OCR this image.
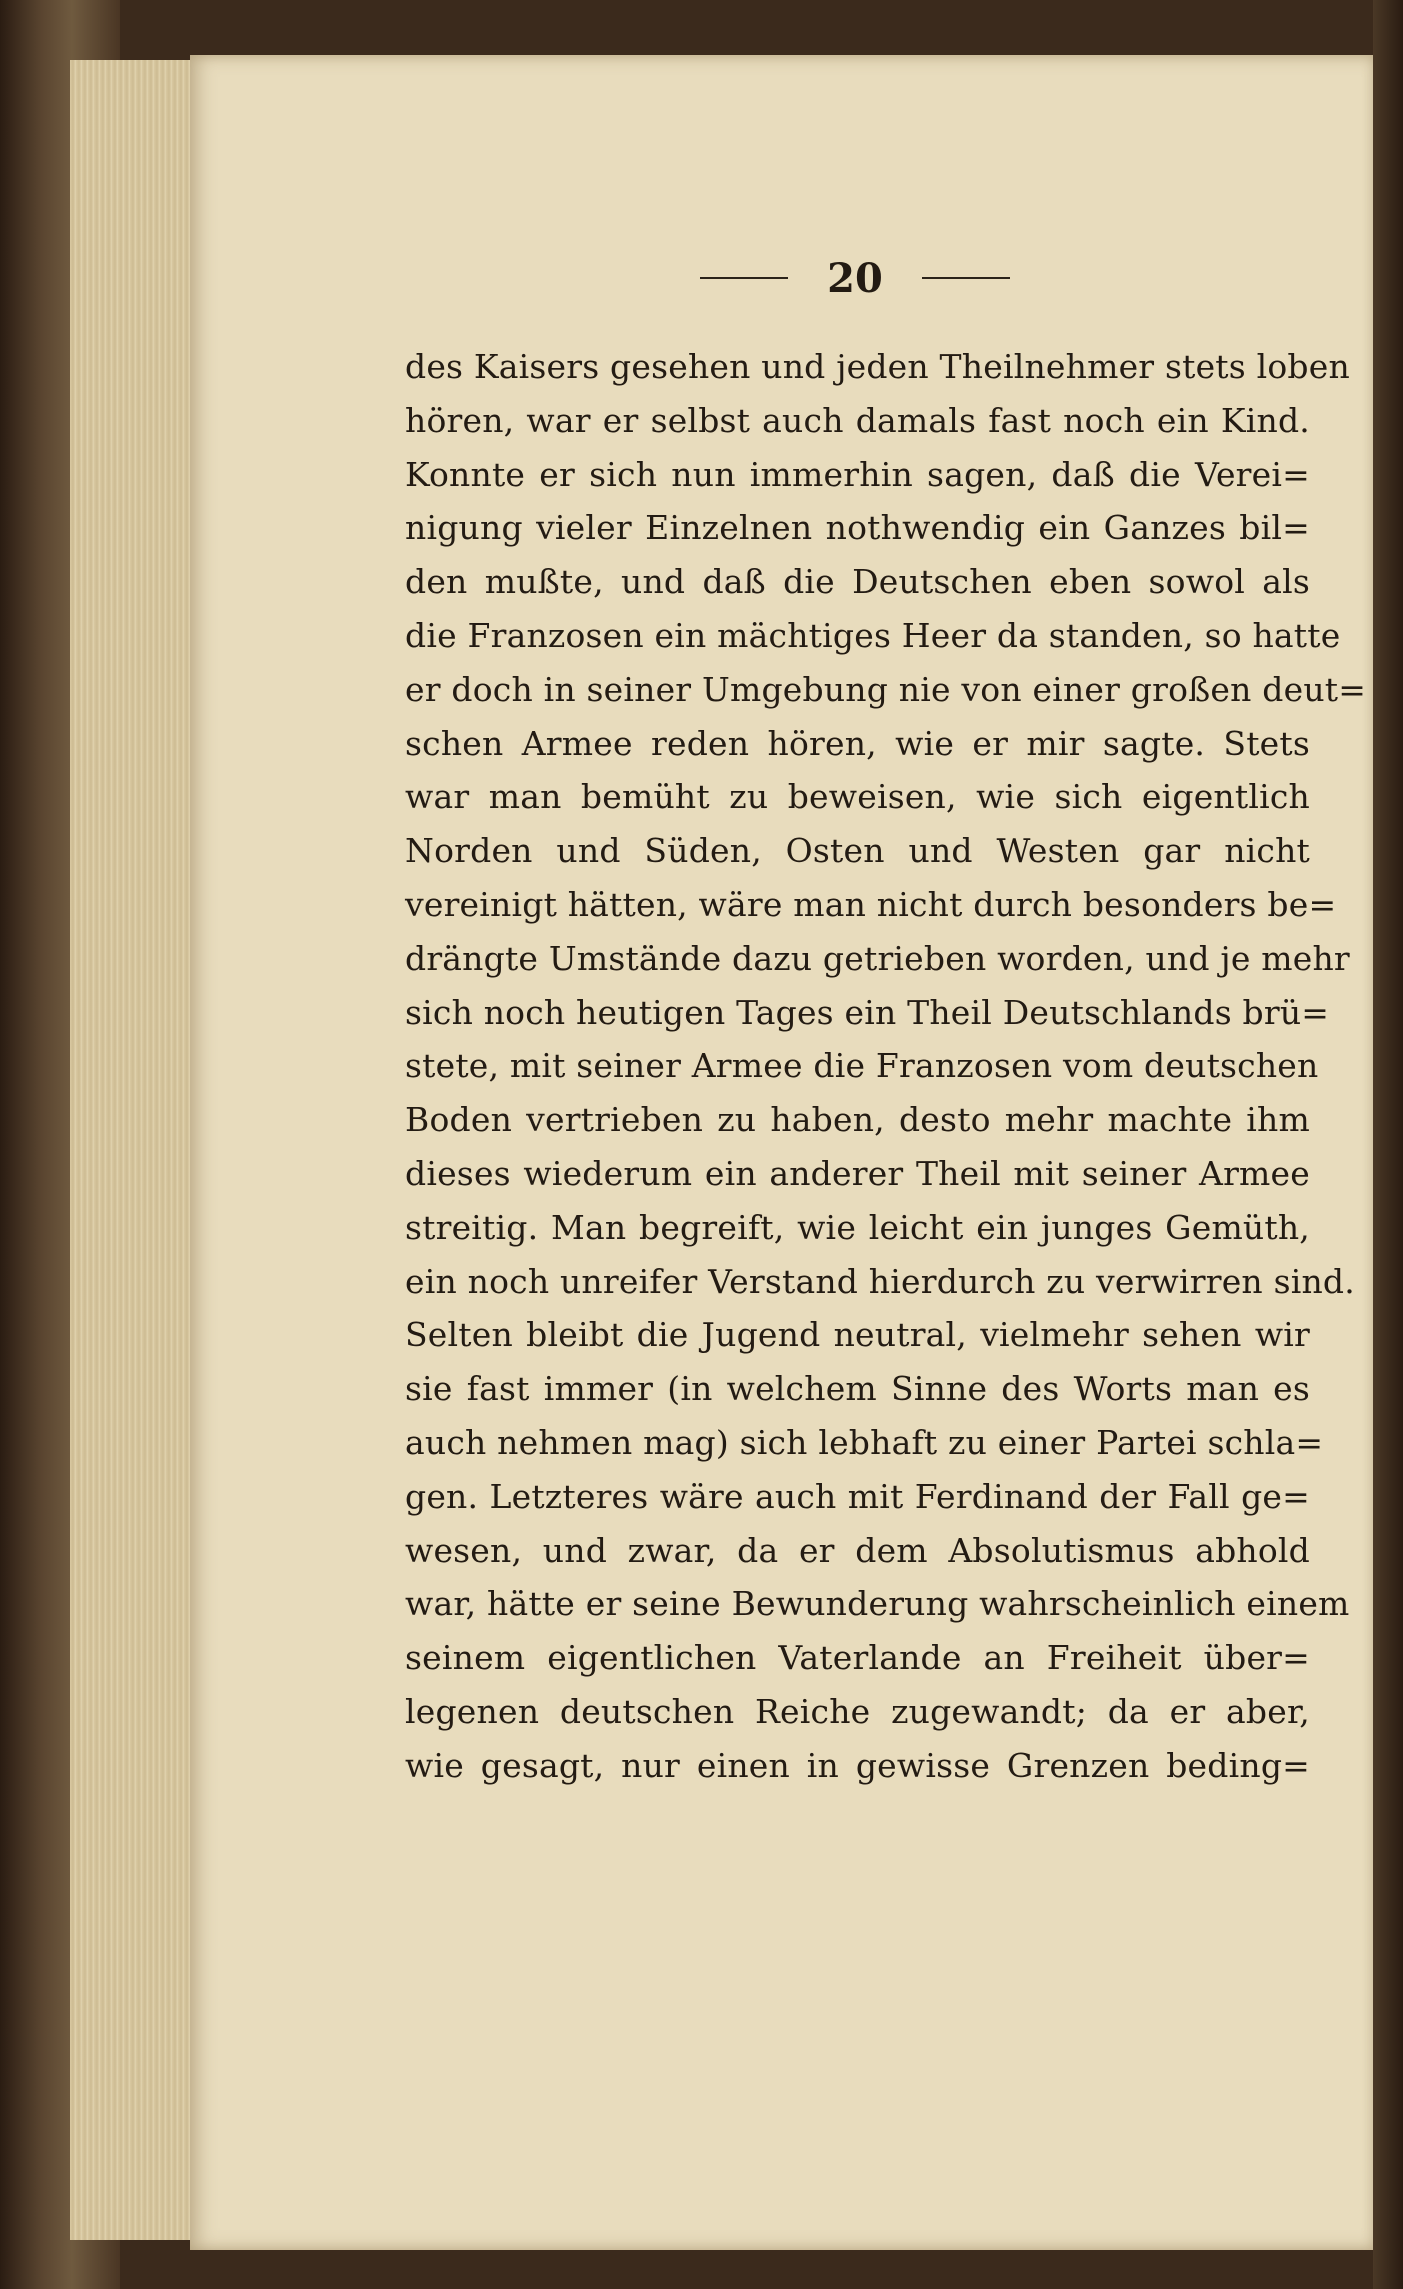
20
des Kaisers gesehen und jeden Theilnehmer stets loben
hören, war er selbst auch damals fast noch ein Kind.
Konnte er sich nun immerhin sagen, daß die Verei=
nigung vieler Einzelnen nothwendig ein Ganzes bil=
den mußte, und daß die Deutschen eben sowol als
die Franzosen ein mächtiges Heer da standen, so hatte
er doch in seiner Umgebung nie von einer großen deut=
schen Armee reden hören, wie er mir sagte. Stets
war man bemüht zu beweisen, wie sich eigentlich
Norden und Süden, Osten und Westen gar nicht
vereinigt hätten, wäre man nicht durch besonders be=
drängte Umstände dazu getrieben worden, und je mehr
sich noch heutigen Tages ein Theil Deutschlands brü=
stete, mit seiner Armee die Franzosen vom deutschen
Boden vertrieben zu haben, desto mehr machte ihm
dieses wiederum ein anderer Theil mit seiner Armee
streitig. Man begreift, wie leicht ein junges Gemüth,
ein noch unreifer Verstand hierdurch zu verwirren sind.
Selten bleibt die Jugend neutral, vielmehr sehen wir
sie fast immer (in welchem Sinne des Worts man es
auch nehmen mag) sich lebhaft zu einer Partei schla=
gen. Letzteres wäre auch mit Ferdinand der Fall ge=
wesen, und zwar, da er dem Absolutismus abhold
war, hätte er seine Bewunderung wahrscheinlich einem
seinem eigentlichen Vaterlande an Freiheit über=
legenen deutschen Reiche zugewandt; da er aber,
wie gesagt, nur einen in gewisse Grenzen beding=
